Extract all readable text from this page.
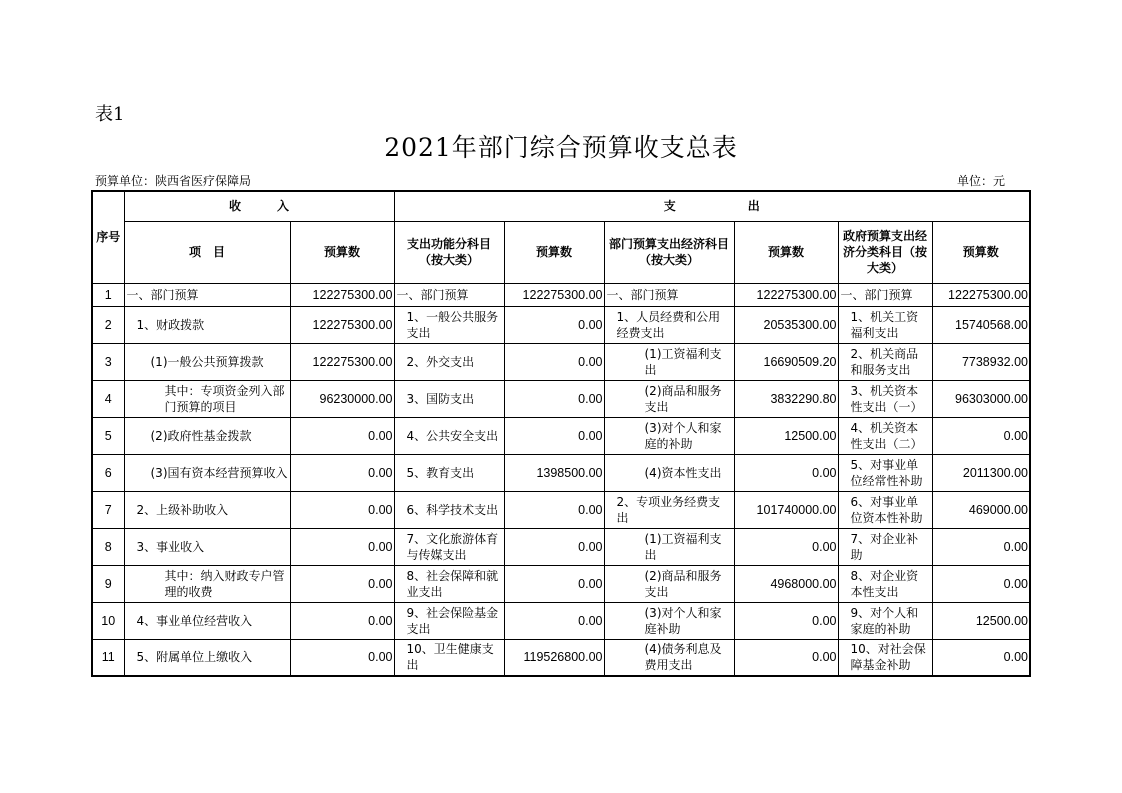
表1
2021年部门综合预算收支总表
预算单位：陕西省医疗保障局	单位：元
序号	收　　　入		支　　　　　　出					
	项　目	预算数	支出功能分科目（按大类）	预算数	部门预算支出经济科目（按大类）	预算数	政府预算支出经济分类科目（按大类）	预算数
1	一、部门预算	122275300.00	一、部门预算	122275300.00	一、部门预算	122275300.00	一、部门预算	122275300.00
2	1、财政拨款	122275300.00	1、一般公共服务支出	0.00	1、人员经费和公用经费支出	20535300.00	1、机关工资福利支出	15740568.00
3	(1)一般公共预算拨款	122275300.00	2、外交支出	0.00	(1)工资福利支出	16690509.20	2、机关商品和服务支出	7738932.00
4	其中：专项资金列入部门预算的项目	96230000.00	3、国防支出	0.00	(2)商品和服务支出	3832290.80	3、机关资本性支出（一）	96303000.00
5	(2)政府性基金拨款	0.00	4、公共安全支出	0.00	(3)对个人和家庭的补助	12500.00	4、机关资本性支出（二）	0.00
6	(3)国有资本经营预算收入	0.00	5、教育支出	1398500.00	(4)资本性支出	0.00	5、对事业单位经常性补助	2011300.00
7	2、上级补助收入	0.00	6、科学技术支出	0.00	2、专项业务经费支出	101740000.00	6、对事业单位资本性补助	469000.00
8	3、事业收入	0.00	7、文化旅游体育与传媒支出	0.00	(1)工资福利支出	0.00	7、对企业补助	0.00
9	其中：纳入财政专户管理的收费	0.00	8、社会保障和就业支出	0.00	(2)商品和服务支出	4968000.00	8、对企业资本性支出	0.00
10	4、事业单位经营收入	0.00	9、社会保险基金支出	0.00	(3)对个人和家庭补助	0.00	9、对个人和家庭的补助	12500.00
11	5、附属单位上缴收入	0.00	10、卫生健康支出	119526800.00	(4)债务利息及费用支出	0.00	10、对社会保障基金补助	0.00
